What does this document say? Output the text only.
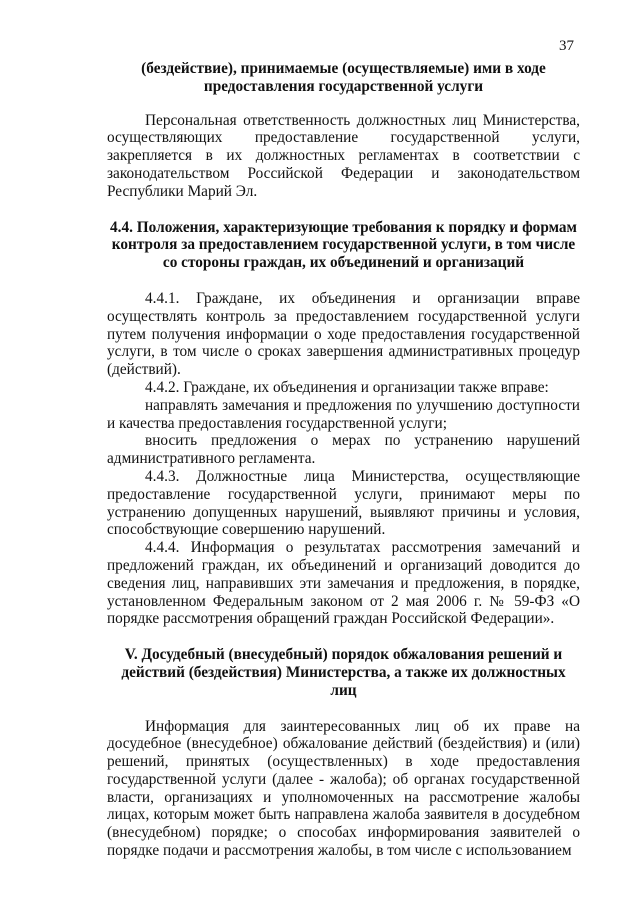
37

(бездействие), принимаемые (осуществляемые) ими в ходе предоставления государственной услуги

Персональная ответственность должностных лиц Министерства, осуществляющих предоставление государственной услуги, закрепляется в их должностных регламентах в соответствии с законодательством Российской Федерации и законодательством Республики Марий Эл.

4.4. Положения, характеризующие требования к порядку и формам контроля за предоставлением государственной услуги, в том числе со стороны граждан, их объединений и организаций

4.4.1. Граждане, их объединения и организации вправе осуществлять контроль за предоставлением государственной услуги путем получения информации о ходе предоставления государственной услуги, в том числе о сроках завершения административных процедур (действий).

4.4.2. Граждане, их объединения и организации также вправе:

направлять замечания и предложения по улучшению доступности и качества предоставления государственной услуги;

вносить предложения о мерах по устранению нарушений административного регламента.

4.4.3. Должностные лица Министерства, осуществляющие предоставление государственной услуги, принимают меры по устранению допущенных нарушений, выявляют причины и условия, способствующие совершению нарушений.

4.4.4. Информация о результатах рассмотрения замечаний и предложений граждан, их объединений и организаций доводится до сведения лиц, направивших эти замечания и предложения, в порядке, установленном Федеральным законом от 2 мая 2006 г. № 59-ФЗ «О порядке рассмотрения обращений граждан Российской Федерации».

V. Досудебный (внесудебный) порядок обжалования решений и действий (бездействия) Министерства, а также их должностных лиц

Информация для заинтересованных лиц об их праве на досудебное (внесудебное) обжалование действий (бездействия) и (или) решений, принятых (осуществленных) в ходе предоставления государственной услуги (далее - жалоба); об органах государственной власти, организациях и уполномоченных на рассмотрение жалобы лицах, которым может быть направлена жалоба заявителя в досудебном (внесудебном) порядке; о способах информирования заявителей о порядке подачи и рассмотрения жалобы, в том числе с использованием
